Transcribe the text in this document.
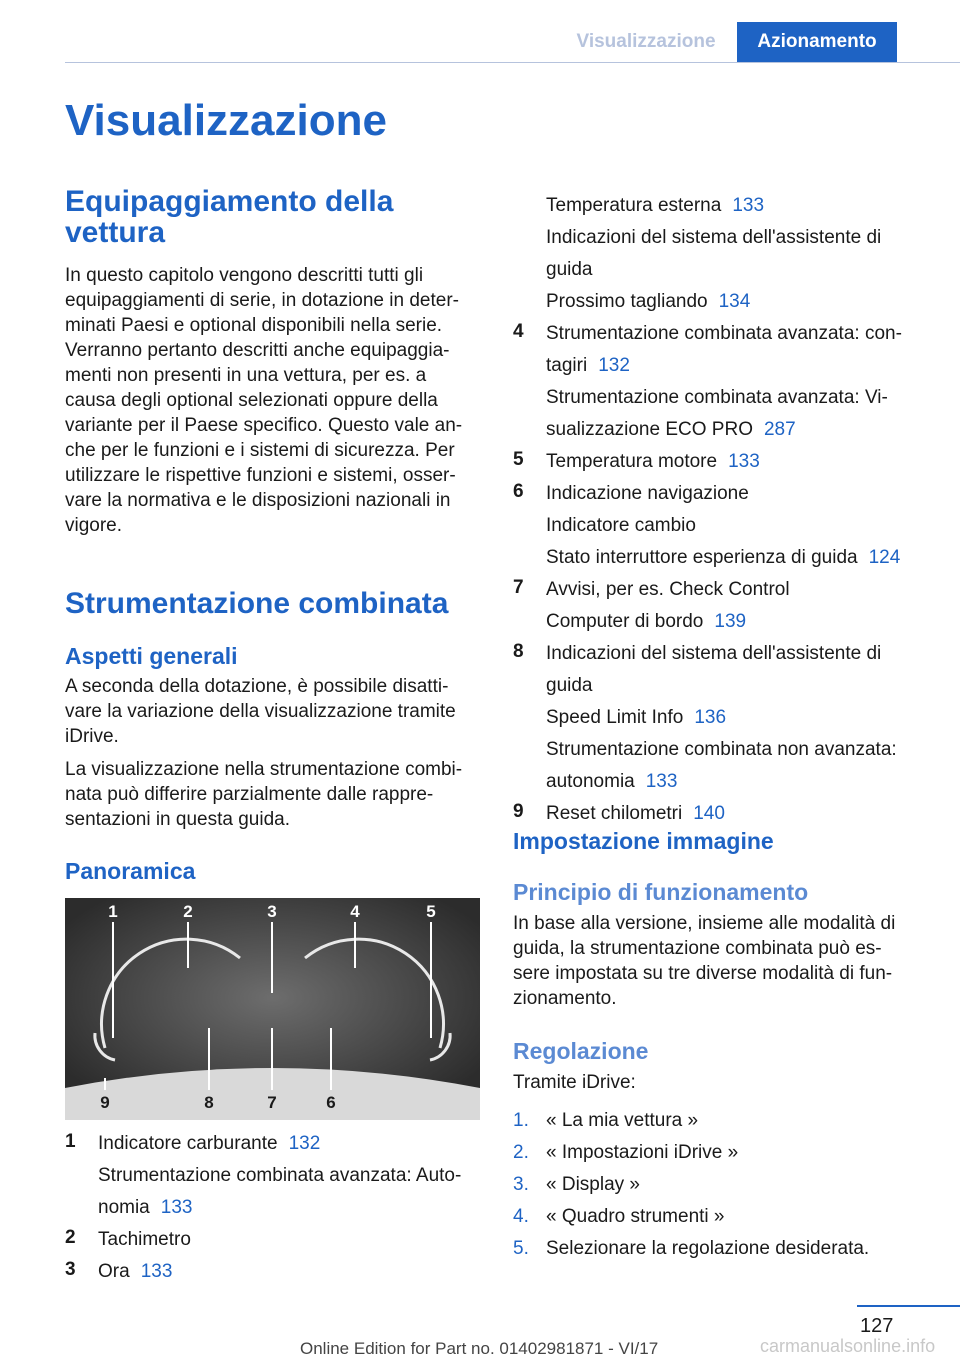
Visualizzazione	Azionamento
Visualizzazione
Equipaggiamento della
vettura
In questo capitolo vengono descritti tutti gli
equipaggiamenti di serie, in dotazione in deter‐
minati Paesi e optional disponibili nella serie.
Verranno pertanto descritti anche equipaggia‐
menti non presenti in una vettura, per es. a
causa degli optional selezionati oppure della
variante per il Paese specifico. Questo vale an‐
che per le funzioni e i sistemi di sicurezza. Per
utilizzare le rispettive funzioni e sistemi, osser‐
vare la normativa e le disposizioni nazionali in
vigore.
Strumentazione combinata
Aspetti generali
A seconda della dotazione, è possibile disatti‐
vare la variazione della visualizzazione tramite
iDrive.
La visualizzazione nella strumentazione combi‐
nata può differire parzialmente dalle rappre‐
sentazioni in questa guida.
Panoramica
1	2	3	4	5
9	8	7	6
1 Indicatore carburante 132
Strumentazione combinata avanzata: Auto‐
nomia 133
2 Tachimetro
3 Ora 133
Temperatura esterna 133
Indicazioni del sistema dell'assistente di
guida
Prossimo tagliando 134
4 Strumentazione combinata avanzata: con‐
tagiri 132
Strumentazione combinata avanzata: Vi‐
sualizzazione ECO PRO 287
5 Temperatura motore 133
6 Indicazione navigazione
Indicatore cambio
Stato interruttore esperienza di guida 124
7 Avvisi, per es. Check Control
Computer di bordo 139
8 Indicazioni del sistema dell'assistente di
guida
Speed Limit Info 136
Strumentazione combinata non avanzata:
autonomia 133
9 Reset chilometri 140
Impostazione immagine
Principio di funzionamento
In base alla versione, insieme alle modalità di
guida, la strumentazione combinata può es‐
sere impostata su tre diverse modalità di fun‐
zionamento.
Regolazione
Tramite iDrive:
1. « La mia vettura »
2. « Impostazioni iDrive »
3. « Display »
4. « Quadro strumenti »
5. Selezionare la regolazione desiderata.
127
Online Edition for Part no. 01402981871 - VI/17	carmanualsonline.info
